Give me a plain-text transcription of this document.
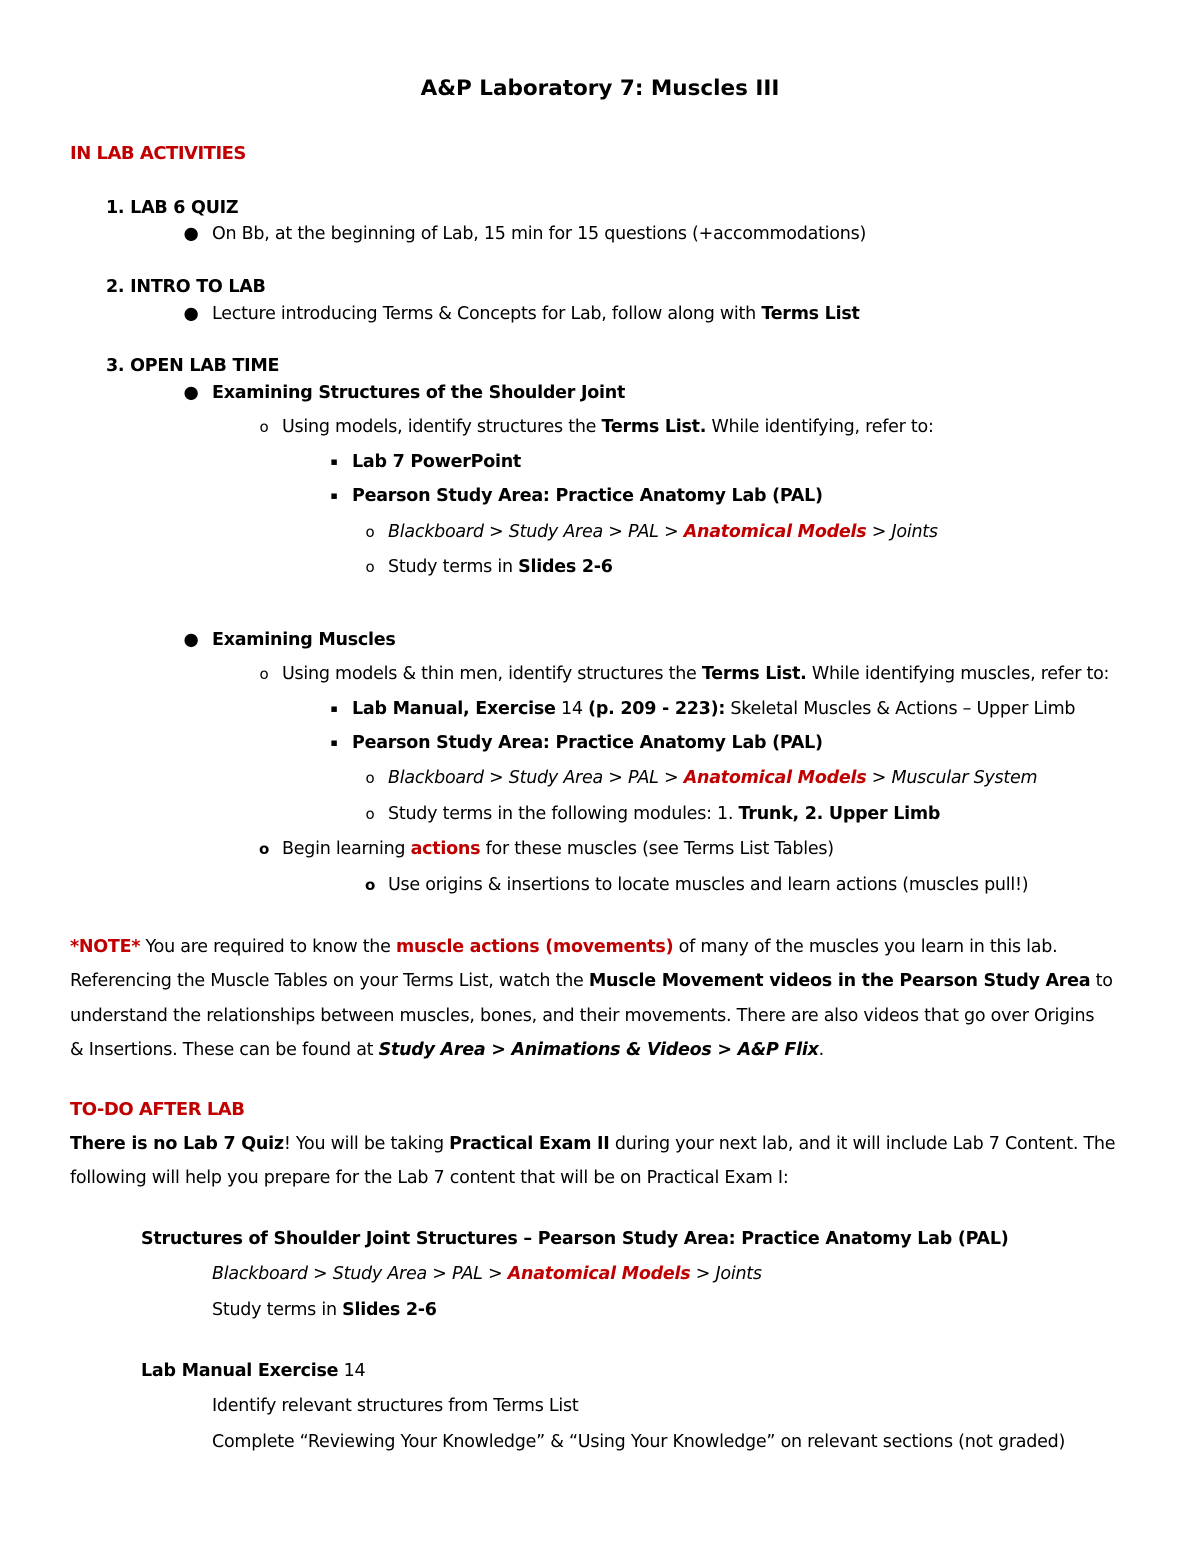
A&P Laboratory 7: Muscles III
IN LAB ACTIVITIES
1. LAB 6 QUIZ
● On Bb, at the beginning of Lab, 15 min for 15 questions (+accommodations)
2. INTRO TO LAB
● Lecture introducing Terms & Concepts for Lab, follow along with Terms List
3. OPEN LAB TIME
● Examining Structures of the Shoulder Joint
o Using models, identify structures the Terms List. While identifying, refer to:
▪ Lab 7 PowerPoint
▪ Pearson Study Area: Practice Anatomy Lab (PAL)
o Blackboard > Study Area > PAL > Anatomical Models > Joints
o Study terms in Slides 2-6
● Examining Muscles
o Using models & thin men, identify structures the Terms List. While identifying muscles, refer to:
▪ Lab Manual, Exercise 14 (p. 209 - 223): Skeletal Muscles & Actions – Upper Limb
▪ Pearson Study Area: Practice Anatomy Lab (PAL)
o Blackboard > Study Area > PAL > Anatomical Models > Muscular System
o Study terms in the following modules: 1. Trunk, 2. Upper Limb
o Begin learning actions for these muscles (see Terms List Tables)
o Use origins & insertions to locate muscles and learn actions (muscles pull!)
*NOTE* You are required to know the muscle actions (movements) of many of the muscles you learn in this lab.
Referencing the Muscle Tables on your Terms List, watch the Muscle Movement videos in the Pearson Study Area to
understand the relationships between muscles, bones, and their movements. There are also videos that go over Origins
& Insertions. These can be found at Study Area > Animations & Videos > A&P Flix.
TO-DO AFTER LAB
There is no Lab 7 Quiz! You will be taking Practical Exam II during your next lab, and it will include Lab 7 Content. The
following will help you prepare for the Lab 7 content that will be on Practical Exam I:
Structures of Shoulder Joint Structures – Pearson Study Area: Practice Anatomy Lab (PAL)
Blackboard > Study Area > PAL > Anatomical Models > Joints
Study terms in Slides 2-6
Lab Manual Exercise 14
Identify relevant structures from Terms List
Complete “Reviewing Your Knowledge” & “Using Your Knowledge” on relevant sections (not graded)
